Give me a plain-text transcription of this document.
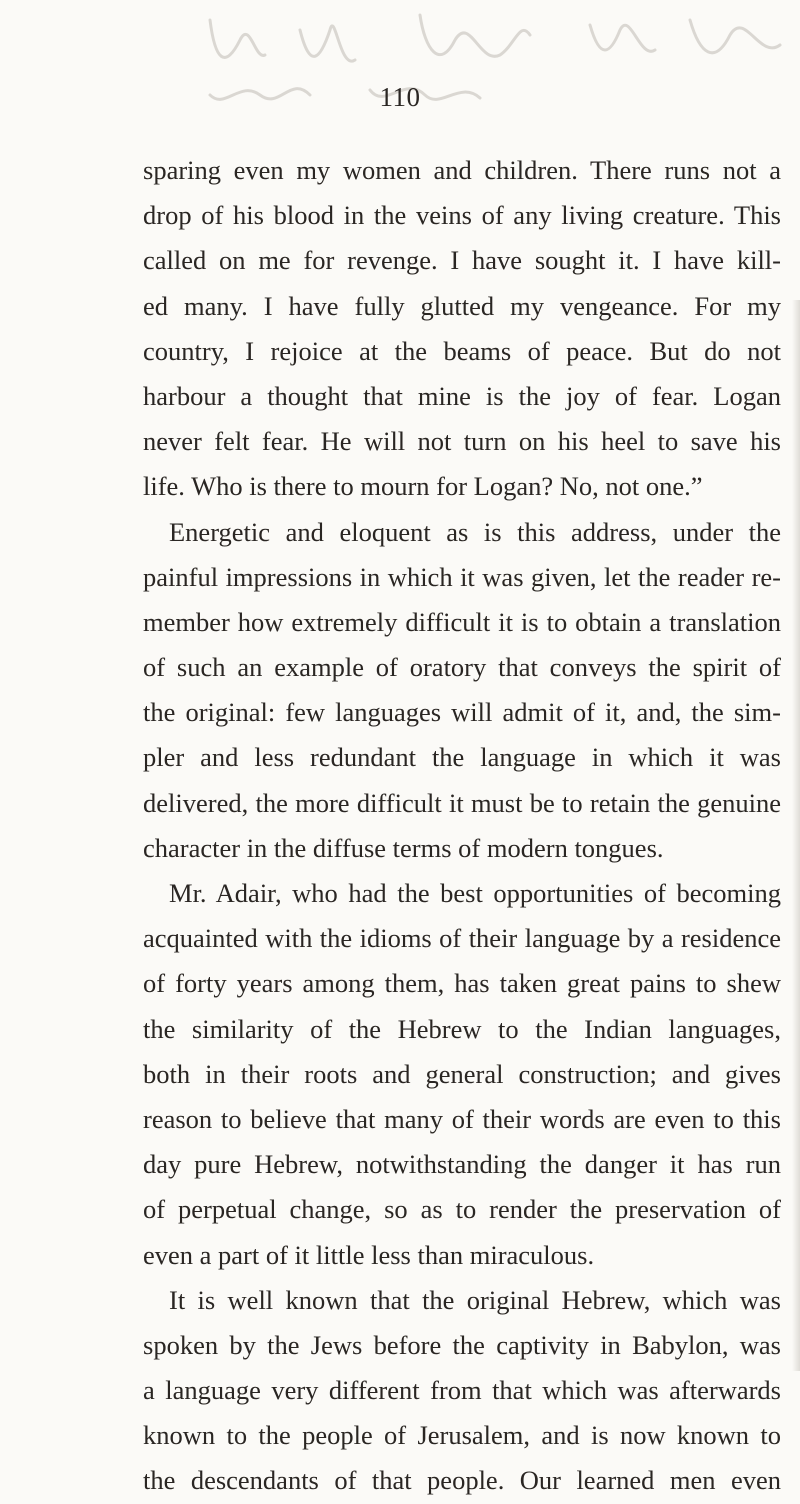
110
sparing even my women and children. There runs not a
drop of his blood in the veins of any living creature. This
called on me for revenge. I have sought it. I have kill-
ed many. I have fully glutted my vengeance. For my
country, I rejoice at the beams of peace. But do not
harbour a thought that mine is the joy of fear. Logan
never felt fear. He will not turn on his heel to save his
life. Who is there to mourn for Logan? No, not one.”
Energetic and eloquent as is this address, under the
painful impressions in which it was given, let the reader re-
member how extremely difficult it is to obtain a translation
of such an example of oratory that conveys the spirit of
the original: few languages will admit of it, and, the sim-
pler and less redundant the language in which it was
delivered, the more difficult it must be to retain the genuine
character in the diffuse terms of modern tongues.
Mr. Adair, who had the best opportunities of becoming
acquainted with the idioms of their language by a residence
of forty years among them, has taken great pains to shew
the similarity of the Hebrew to the Indian languages,
both in their roots and general construction; and gives
reason to believe that many of their words are even to this
day pure Hebrew, notwithstanding the danger it has run
of perpetual change, so as to render the preservation of
even a part of it little less than miraculous.
It is well known that the original Hebrew, which was
spoken by the Jews before the captivity in Babylon, was
a language very different from that which was afterwards
known to the people of Jerusalem, and is now known to
the descendants of that people. Our learned men even
